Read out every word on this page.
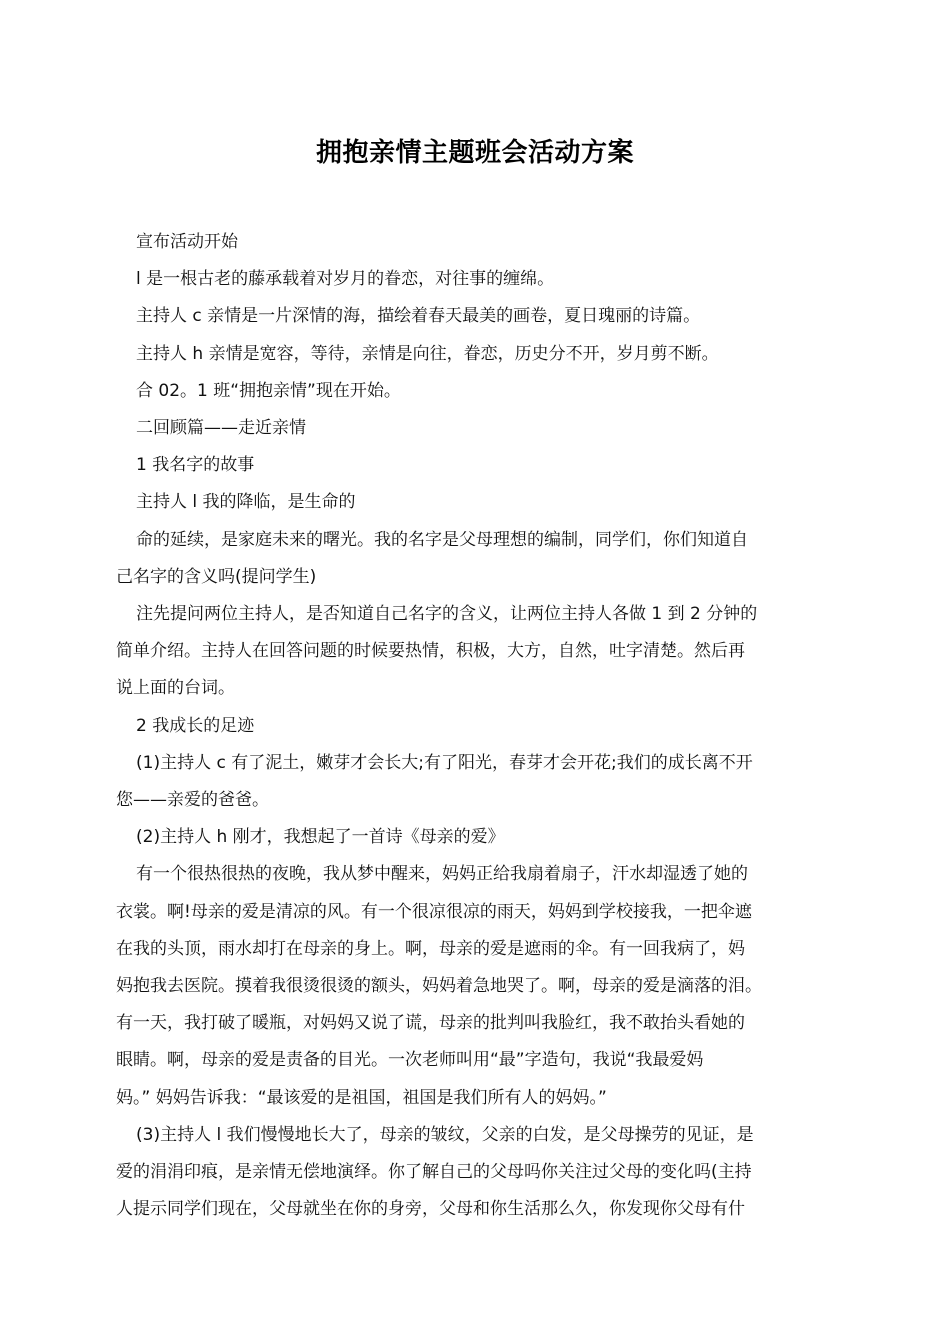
拥抱亲情主题班会活动方案
宣布活动开始
l 是一根古老的藤承载着对岁月的眷恋，对往事的缠绵。
主持人 c 亲情是一片深情的海，描绘着春天最美的画卷，夏日瑰丽的诗篇。
主持人 h 亲情是宽容，等待，亲情是向往，眷恋，历史分不开，岁月剪不断。
合 02。1 班“拥抱亲情”现在开始。
二回顾篇——走近亲情
1 我名字的故事
主持人 l 我的降临，是生命的
命的延续，是家庭未来的曙光。我的名字是父母理想的编制，同学们，你们知道自
己名字的含义吗(提问学生)
注先提问两位主持人，是否知道自己名字的含义，让两位主持人各做 1 到 2 分钟的
简单介绍。主持人在回答问题的时候要热情，积极，大方，自然，吐字清楚。然后再
说上面的台词。
2 我成长的足迹
(1)主持人 c 有了泥土，嫩芽才会长大;有了阳光，春芽才会开花;我们的成长离不开
您——亲爱的爸爸。
(2)主持人 h 刚才，我想起了一首诗《母亲的爱》
有一个很热很热的夜晚，我从梦中醒来，妈妈正给我扇着扇子，汗水却湿透了她的
衣裳。啊!母亲的爱是清凉的风。有一个很凉很凉的雨天，妈妈到学校接我，一把伞遮
在我的头顶，雨水却打在母亲的身上。啊，母亲的爱是遮雨的伞。有一回我病了，妈
妈抱我去医院。摸着我很烫很烫的额头，妈妈着急地哭了。啊，母亲的爱是滴落的泪。
有一天，我打破了暖瓶，对妈妈又说了谎，母亲的批判叫我脸红，我不敢抬头看她的
眼睛。啊，母亲的爱是责备的目光。一次老师叫用“最”字造句，我说“我最爱妈
妈。” 妈妈告诉我：“最该爱的是祖国，祖国是我们所有人的妈妈。”
(3)主持人 l 我们慢慢地长大了，母亲的皱纹，父亲的白发，是父母操劳的见证，是
爱的涓涓印痕，是亲情无偿地演绎。你了解自己的父母吗你关注过父母的变化吗(主持
人提示同学们现在，父母就坐在你的身旁，父母和你生活那么久，你发现你父母有什
